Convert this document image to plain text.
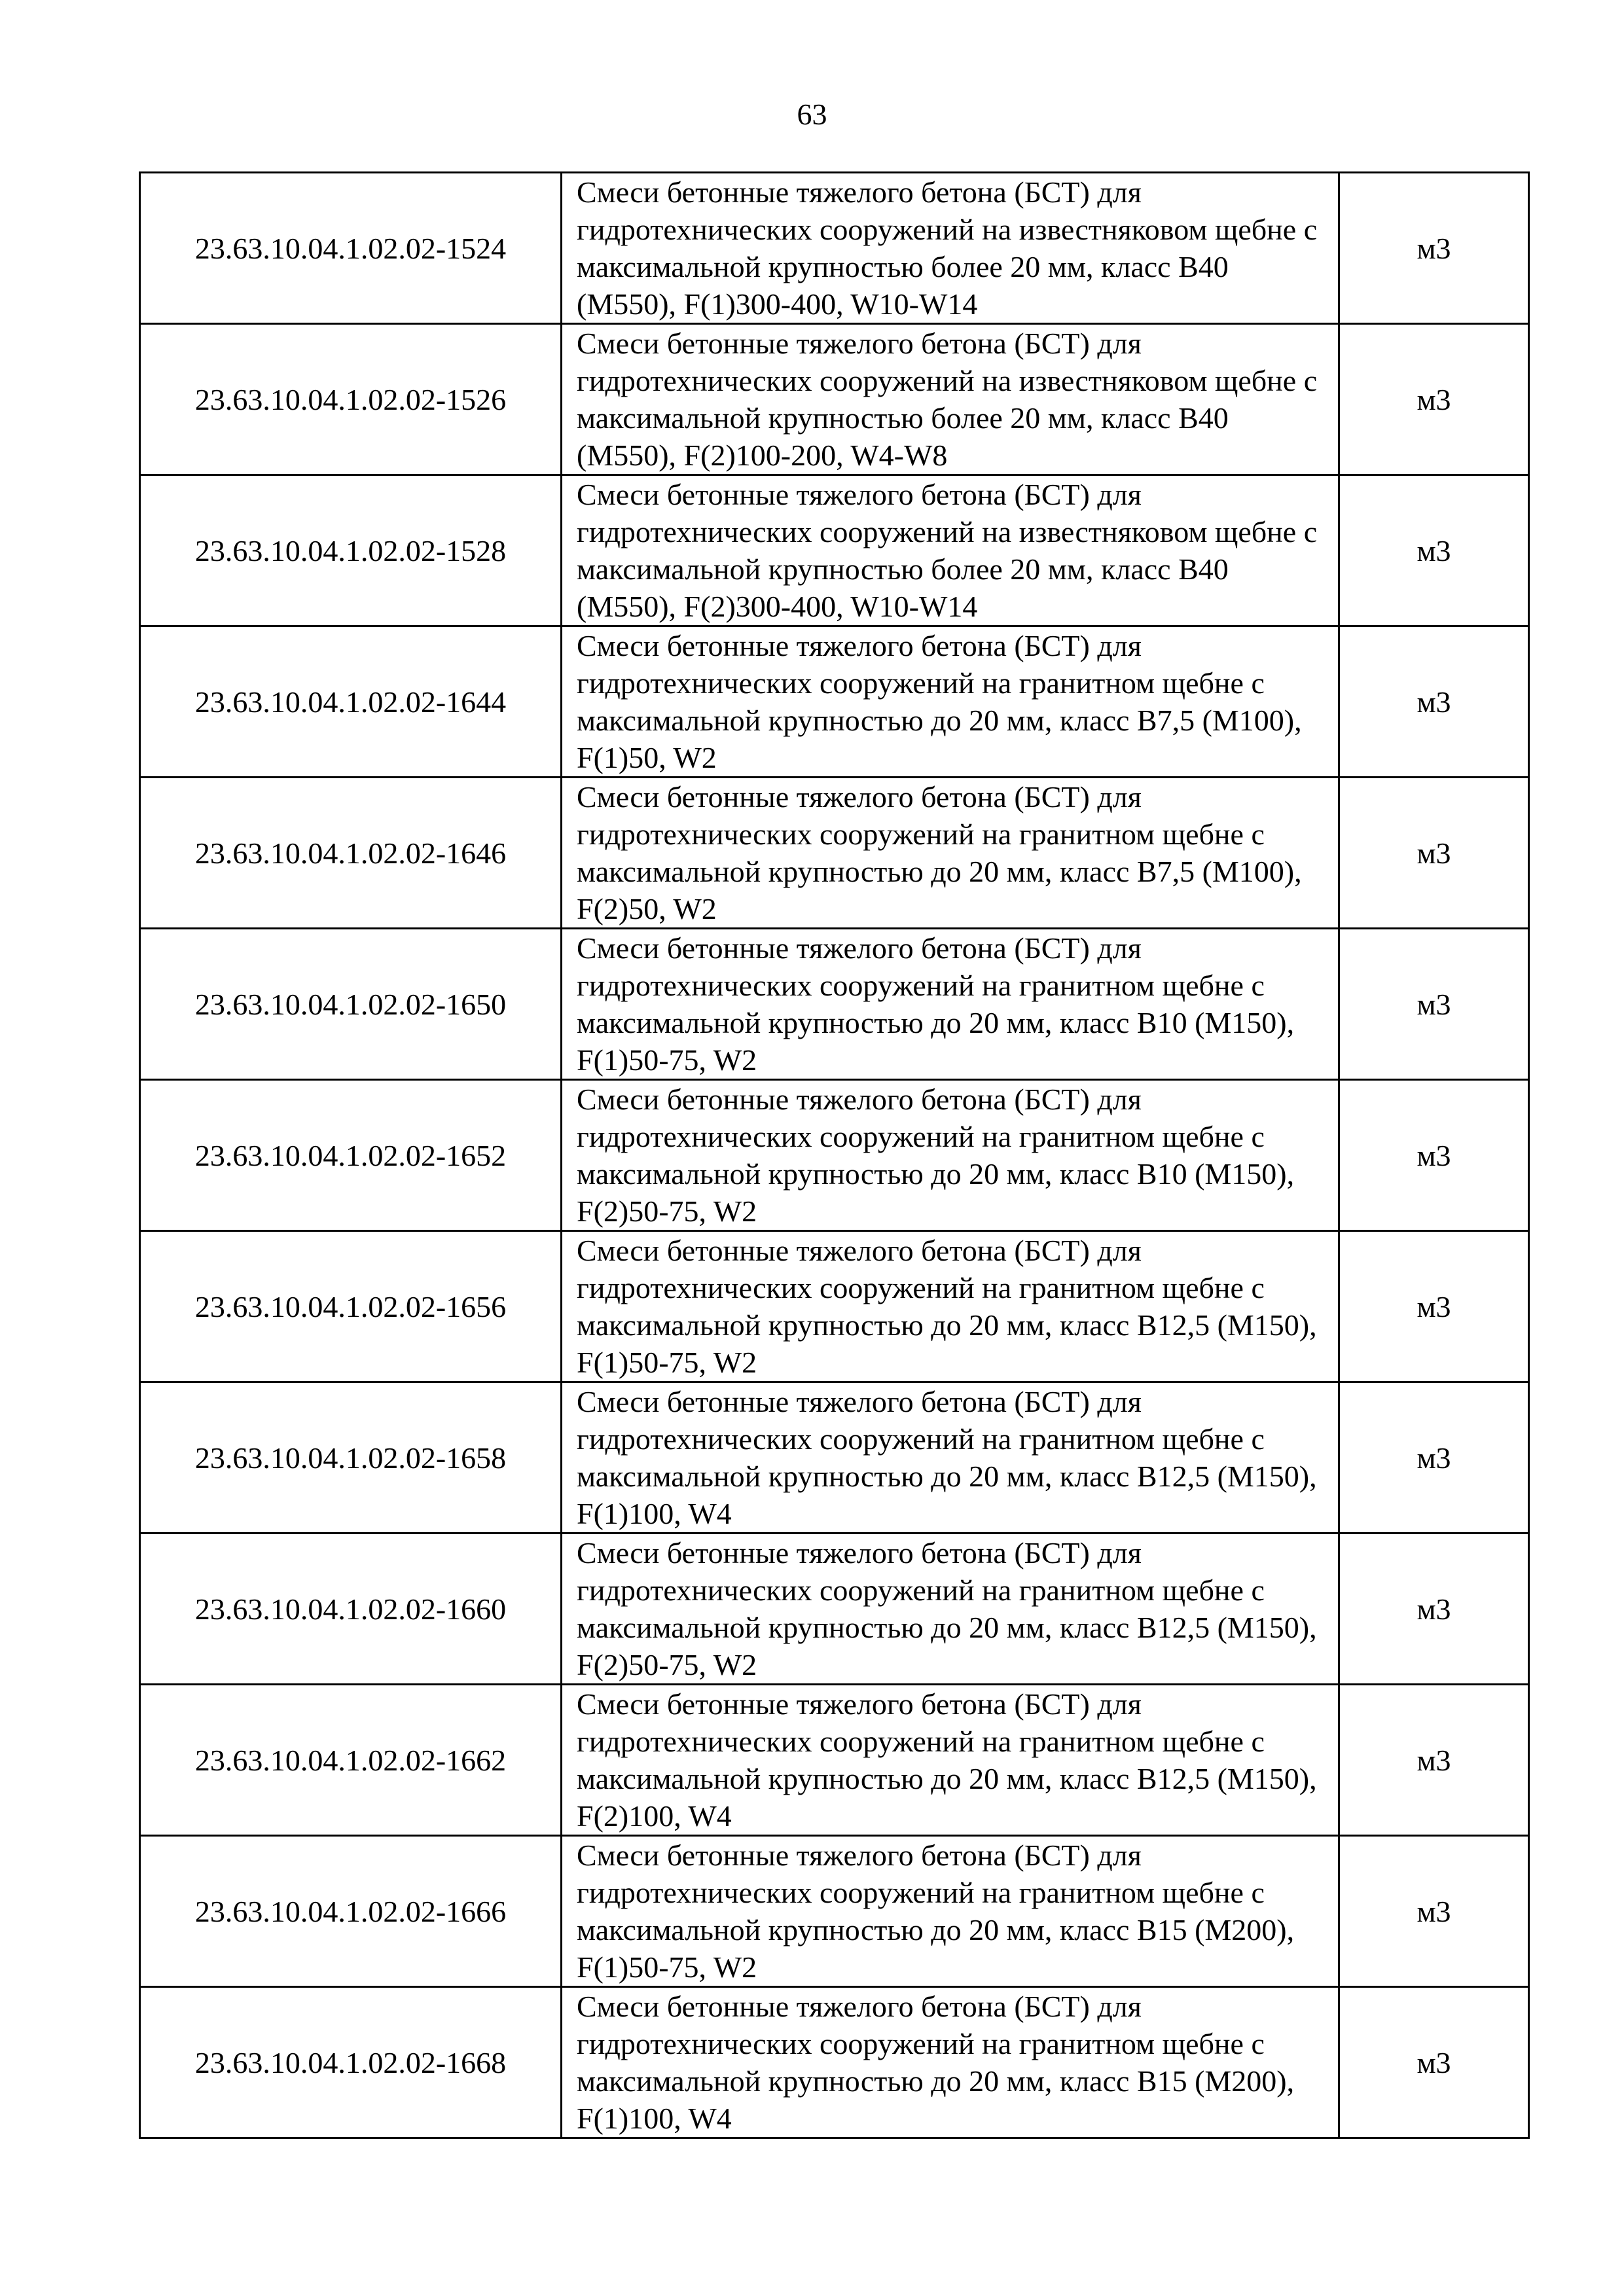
63
23.63.10.04.1.02.02-1524	Смеси бетонные тяжелого бетона (БСТ) для гидротехнических сооружений на известняковом щебне с максимальной крупностью более 20 мм, класс В40 (М550), F(1)300-400, W10-W14	м3
23.63.10.04.1.02.02-1526	Смеси бетонные тяжелого бетона (БСТ) для гидротехнических сооружений на известняковом щебне с максимальной крупностью более 20 мм, класс В40 (М550), F(2)100-200, W4-W8	м3
23.63.10.04.1.02.02-1528	Смеси бетонные тяжелого бетона (БСТ) для гидротехнических сооружений на известняковом щебне с максимальной крупностью более 20 мм, класс В40 (М550), F(2)300-400, W10-W14	м3
23.63.10.04.1.02.02-1644	Смеси бетонные тяжелого бетона (БСТ) для гидротехнических сооружений на гранитном щебне с максимальной крупностью до 20 мм, класс В7,5 (М100), F(1)50, W2	м3
23.63.10.04.1.02.02-1646	Смеси бетонные тяжелого бетона (БСТ) для гидротехнических сооружений на гранитном щебне с максимальной крупностью до 20 мм, класс В7,5 (М100), F(2)50, W2	м3
23.63.10.04.1.02.02-1650	Смеси бетонные тяжелого бетона (БСТ) для гидротехнических сооружений на гранитном щебне с максимальной крупностью до 20 мм, класс В10 (М150), F(1)50-75, W2	м3
23.63.10.04.1.02.02-1652	Смеси бетонные тяжелого бетона (БСТ) для гидротехнических сооружений на гранитном щебне с максимальной крупностью до 20 мм, класс В10 (М150), F(2)50-75, W2	м3
23.63.10.04.1.02.02-1656	Смеси бетонные тяжелого бетона (БСТ) для гидротехнических сооружений на гранитном щебне с максимальной крупностью до 20 мм, класс В12,5 (М150), F(1)50-75, W2	м3
23.63.10.04.1.02.02-1658	Смеси бетонные тяжелого бетона (БСТ) для гидротехнических сооружений на гранитном щебне с максимальной крупностью до 20 мм, класс В12,5 (М150), F(1)100, W4	м3
23.63.10.04.1.02.02-1660	Смеси бетонные тяжелого бетона (БСТ) для гидротехнических сооружений на гранитном щебне с максимальной крупностью до 20 мм, класс В12,5 (М150), F(2)50-75, W2	м3
23.63.10.04.1.02.02-1662	Смеси бетонные тяжелого бетона (БСТ) для гидротехнических сооружений на гранитном щебне с максимальной крупностью до 20 мм, класс В12,5 (М150), F(2)100, W4	м3
23.63.10.04.1.02.02-1666	Смеси бетонные тяжелого бетона (БСТ) для гидротехнических сооружений на гранитном щебне с максимальной крупностью до 20 мм, класс В15 (М200), F(1)50-75, W2	м3
23.63.10.04.1.02.02-1668	Смеси бетонные тяжелого бетона (БСТ) для гидротехнических сооружений на гранитном щебне с максимальной крупностью до 20 мм, класс В15 (М200), F(1)100, W4	м3
